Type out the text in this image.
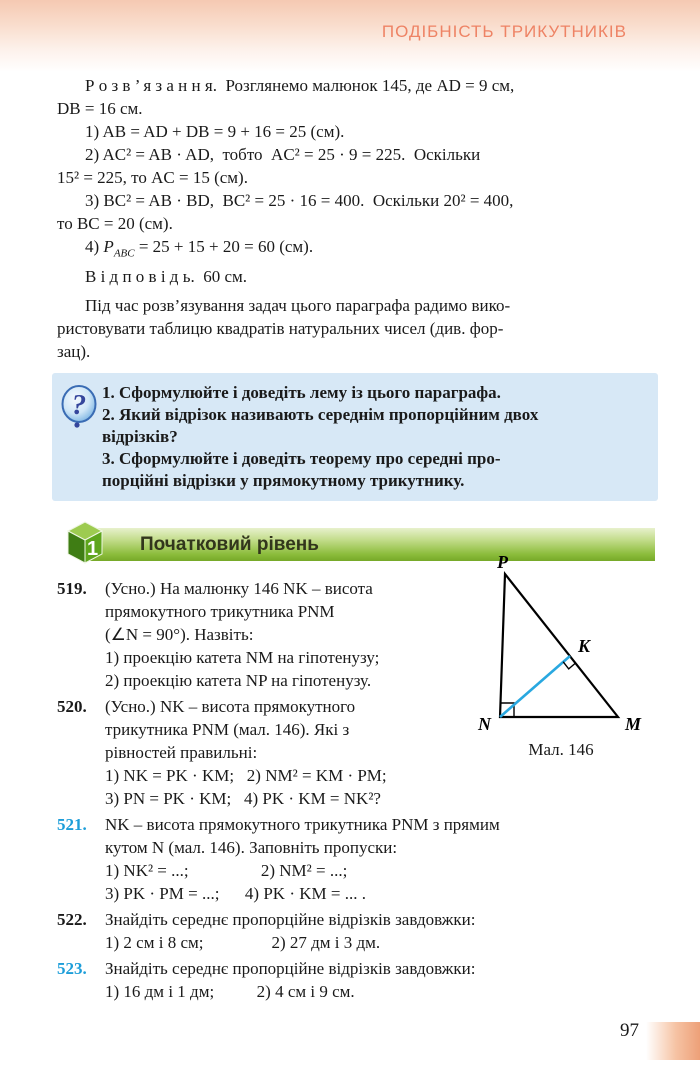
ПОДІБНІСТЬ ТРИКУТНИКІВ
Р о з в ’ я з а н н я.  Розглянемо малюнок 145, де AD = 9 см,
DB = 16 см.
1) AB = AD + DB = 9 + 16 = 25 (см).
2) AC² = AB · AD,  тобто  AC² = 25 · 9 = 225.  Оскільки
15² = 225, то AC = 15 (см).
3) BC² = AB · BD,  BC² = 25 · 16 = 400.  Оскільки 20² = 400,
то BC = 20 (см).
4) $P_{ABC} = 25 + 15 + 20 = 60$ (см).
В і д п о в і д ь.  60 см.
Під час розв’язування задач цього параграфа радимо вико-
ристовувати таблицю квадратів натуральних чисел (див. фор-
зац).
? 1. Сформулюйте і доведіть лему із цього параграфа.
2. Який відрізок називають середнім пропорційним двох
відрізків?
3. Сформулюйте і доведіть теорему про середні про-
порційні відрізки у прямокутному трикутнику.
Початковий рівень
1
519.	(Усно.) На малюнку 146 NK – висота
прямокутного трикутника PNM
(∠N = 90°). Назвіть:
1) проекцію катета NM на гіпотенузу;
2) проекцію катета NP на гіпотенузу.
520.	(Усно.) NK – висота прямокутного
трикутника PNM (мал. 146). Які з
рівностей правильні:
1) NK = PK · KM;   2) NM² = KM · PM;
3) PN = PK · KM;   4) PK · KM = NK²?
521.	NK – висота прямокутного трикутника PNM з прямим
кутом N (мал. 146). Заповніть пропуски:
1) NK² = ...;                 2) NM² = ...;
3) PK · PM = ...;      4) PK · KM = ... .
522.	Знайдіть середнє пропорційне відрізків завдовжки:
1) 2 см і 8 см;                2) 27 дм і 3 дм.
523.	Знайдіть середнє пропорційне відрізків завдовжки:
1) 16 дм і 1 дм;          2) 4 см і 9 см.
P
N	M
K
Мал. 146
97
